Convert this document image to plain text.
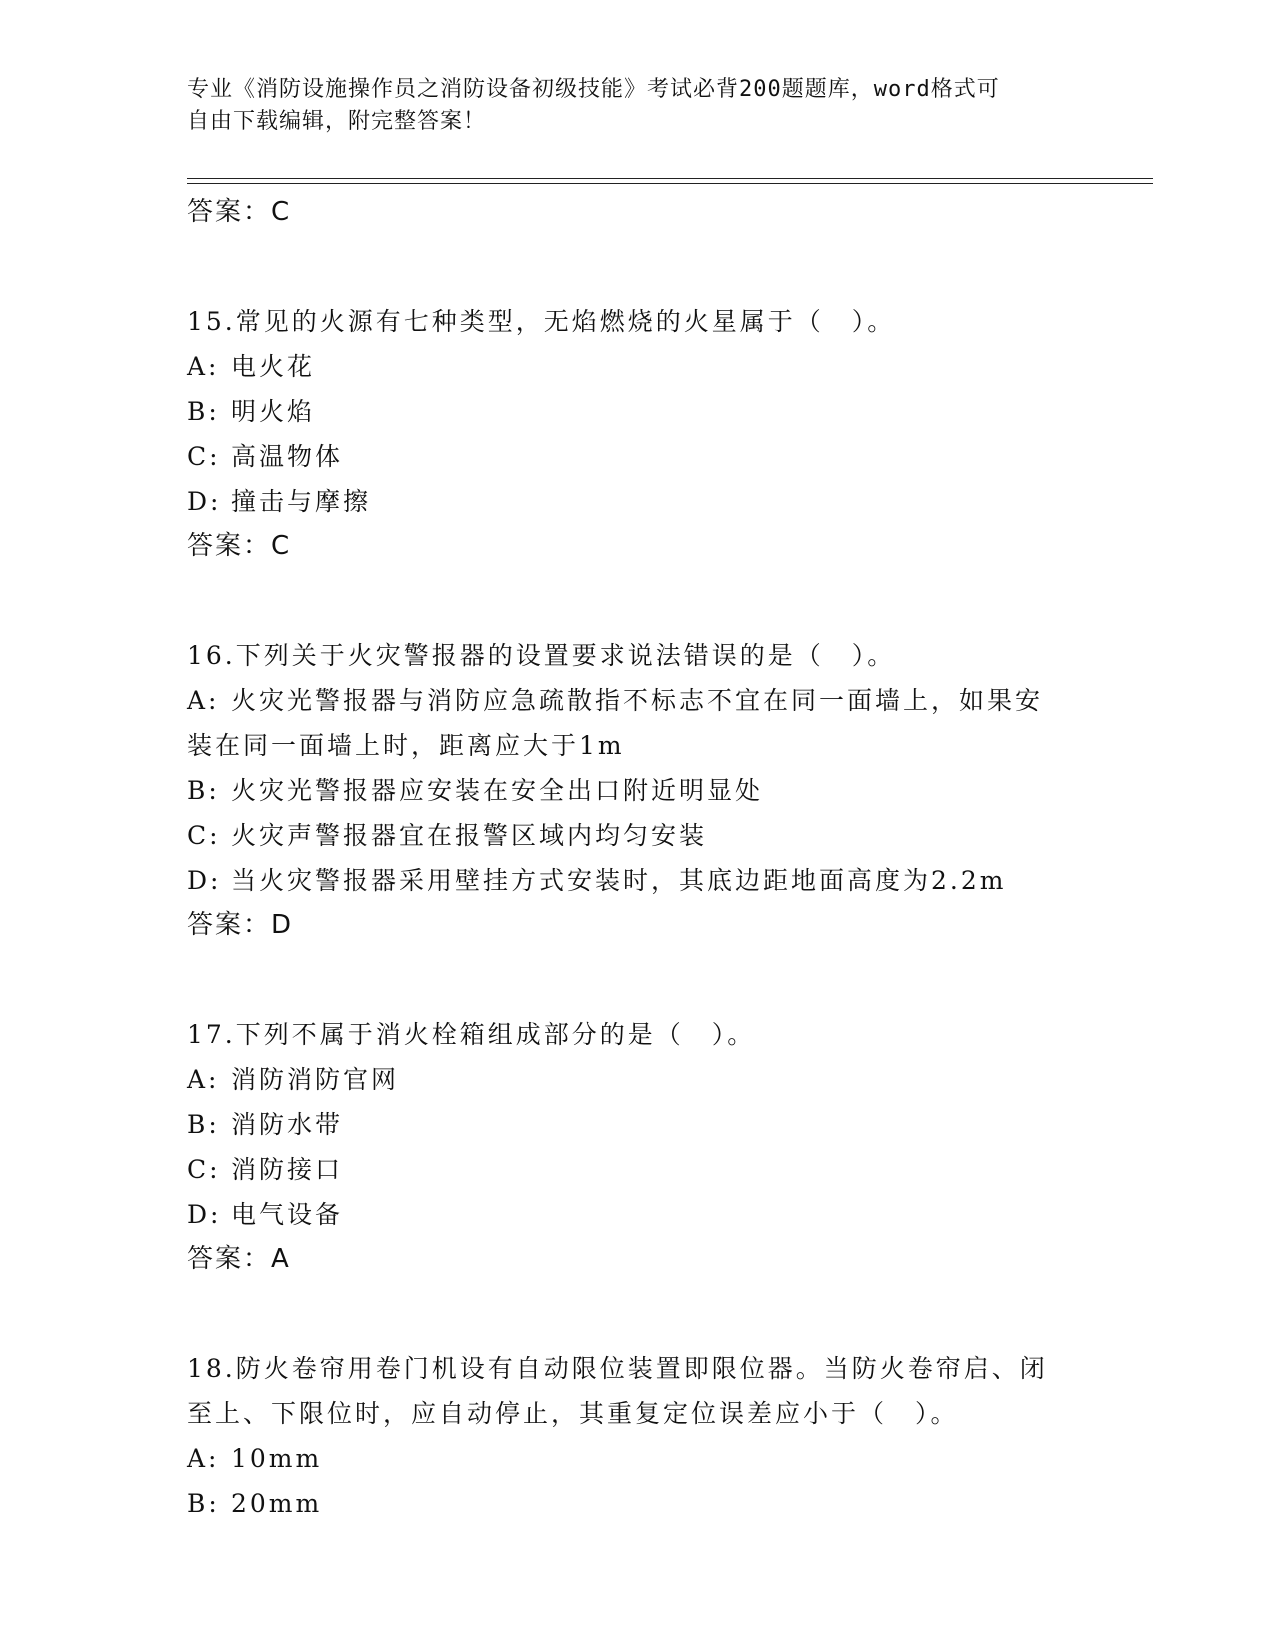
专业《消防设施操作员之消防设备初级技能》考试必背200题题库，word格式可
自由下载编辑，附完整答案！
答案：C
15.常见的火源有七种类型，无焰燃烧的火星属于（　）。
A: 电火花
B: 明火焰
C: 高温物体
D: 撞击与摩擦
答案：C
16.下列关于火灾警报器的设置要求说法错误的是（　）。
A: 火灾光警报器与消防应急疏散指不标志不宜在同一面墙上，如果安
装在同一面墙上时，距离应大于1m
B: 火灾光警报器应安装在安全出口附近明显处
C: 火灾声警报器宜在报警区域内均匀安装
D: 当火灾警报器采用壁挂方式安装时，其底边距地面高度为2.2m
答案：D
17.下列不属于消火栓箱组成部分的是（　）。
A: 消防消防官网
B: 消防水带
C: 消防接口
D: 电气设备
答案：A
18.防火卷帘用卷门机设有自动限位装置即限位器。当防火卷帘启、闭
至上、下限位时，应自动停止，其重复定位误差应小于（　）。
A: 10mm
B: 20mm
